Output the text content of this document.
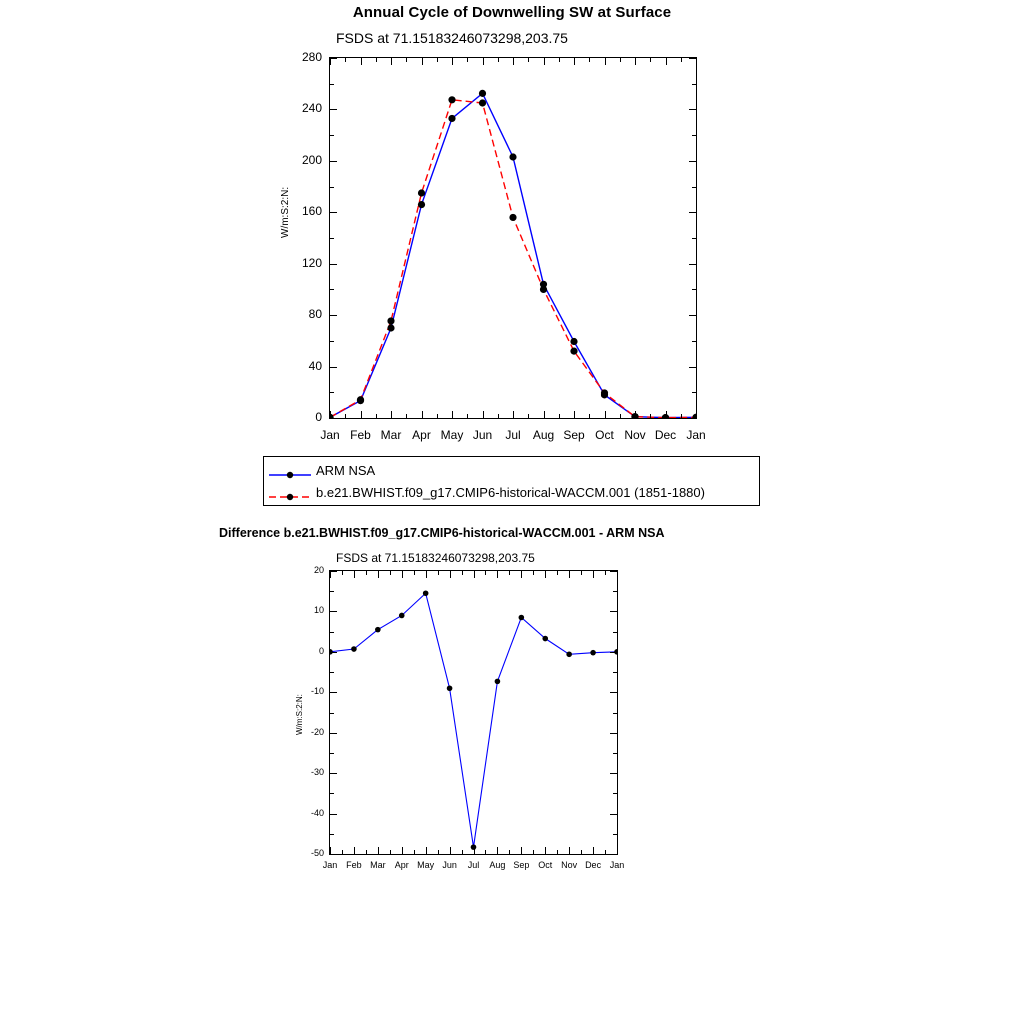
Annual Cycle of Downwelling SW at Surface
FSDS at 71.15183246073298,203.75
W/m:S:2:N:
ARM NSA
b.e21.BWHIST.f09_g17.CMIP6-historical-WACCM.001 (1851-1880)
Difference b.e21.BWHIST.f09_g17.CMIP6-historical-WACCM.001 - ARM NSA
FSDS at 71.15183246073298,203.75
W/m:S:2:N:
0
40
80
120
160
200
240
280
Jan Feb Mar Apr May Jun	Jul	Aug Sep Oct Nov Dec Jan
-50
-40
-30
-20
-10
0
10
20
Jan Feb Mar	Apr May Jun	Jul	Aug Sep Oct Nov Dec Jan
